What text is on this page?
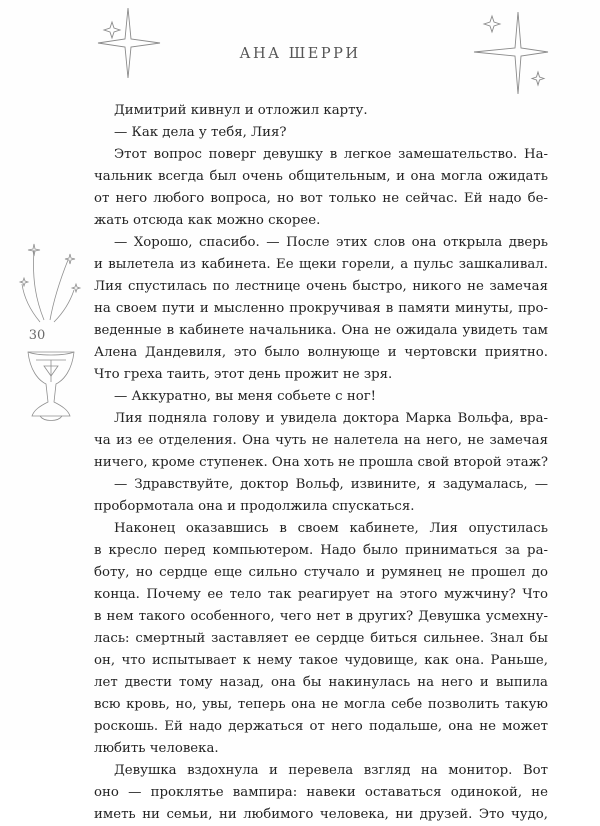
АНА ШЕРРИ
30
Димитрий кивнул и отложил карту.
— Как дела у тебя, Лия?
Этот вопрос поверг девушку в легкое замешательство. На-
чальник всегда был очень общительным, и она могла ожидать
от него любого вопроса, но вот только не сейчас. Ей надо бе-
жать отсюда как можно скорее.
— Хорошо, спасибо. — После этих слов она открыла дверь
и вылетела из кабинета. Ее щеки горели, а пульс зашкаливал.
Лия спустилась по лестнице очень быстро, никого не замечая
на своем пути и мысленно прокручивая в памяти минуты, про-
веденные в кабинете начальника. Она не ожидала увидеть там
Алена Дандевиля, это было волнующе и чертовски приятно.
Что греха таить, этот день прожит не зря.
— Аккуратно, вы меня собьете с ног!
Лия подняла голову и увидела доктора Марка Вольфа, вра-
ча из ее отделения. Она чуть не налетела на него, не замечая
ничего, кроме ступенек. Она хоть не прошла свой второй этаж?
— Здравствуйте, доктор Вольф, извините, я задумалась, —
пробормотала она и продолжила спускаться.
Наконец оказавшись в своем кабинете, Лия опустилась
в кресло перед компьютером. Надо было приниматься за ра-
боту, но сердце еще сильно стучало и румянец не прошел до
конца. Почему ее тело так реагирует на этого мужчину? Что
в нем такого особенного, чего нет в других? Девушка усмехну-
лась: смертный заставляет ее сердце биться сильнее. Знал бы
он, что испытывает к нему такое чудовище, как она. Раньше,
лет двести тому назад, она бы накинулась на него и выпила
всю кровь, но, увы, теперь она не могла себе позволить такую
роскошь. Ей надо держаться от него подальше, она не может
любить человека.
Девушка вздохнула и перевела взгляд на монитор. Вот
оно — проклятье вампира: навеки оставаться одинокой, не
иметь ни семьи, ни любимого человека, ни друзей. Это чудо,
